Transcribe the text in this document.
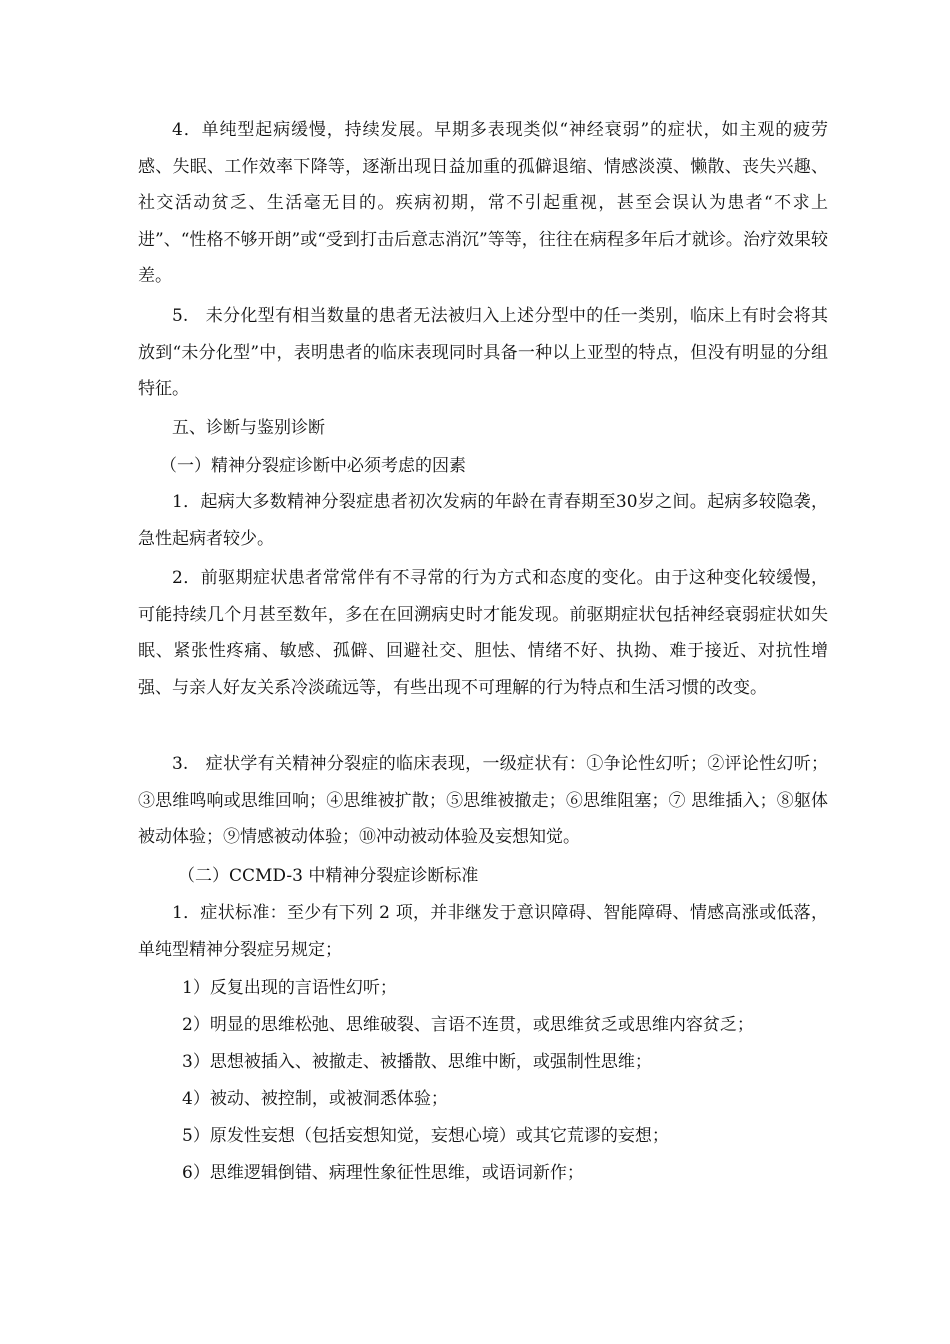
4．单纯型起病缓慢，持续发展。早期多表现类似“神经衰弱”的症状，如主观的疲劳感、失眠、工作效率下降等，逐渐出现日益加重的孤僻退缩、情感淡漠、懒散、丧失兴趣、社交活动贫乏、生活毫无目的。疾病初期，常不引起重视，甚至会误认为患者“不求上进”、“性格不够开朗”或“受到打击后意志消沉”等等，往往在病程多年后才就诊。治疗效果较差。

5.　未分化型有相当数量的患者无法被归入上述分型中的任一类别，临床上有时会将其放到“未分化型”中，表明患者的临床表现同时具备一种以上亚型的特点，但没有明显的分组特征。

五、诊断与鉴别诊断

（一）精神分裂症诊断中必须考虑的因素

1．起病大多数精神分裂症患者初次发病的年龄在青春期至30岁之间。起病多较隐袭，急性起病者较少。

2．前驱期症状患者常常伴有不寻常的行为方式和态度的变化。由于这种变化较缓慢，可能持续几个月甚至数年，多在在回溯病史时才能发现。前驱期症状包括神经衰弱症状如失眠、紧张性疼痛、敏感、孤僻、回避社交、胆怯、情绪不好、执拗、难于接近、对抗性增强、与亲人好友关系冷淡疏远等，有些出现不可理解的行为特点和生活习惯的改变。

3.　症状学有关精神分裂症的临床表现，一级症状有：①争论性幻听；②评论性幻听；③思维鸣响或思维回响；④思维被扩散；⑤思维被撤走；⑥思维阻塞；⑦ 思维插入；⑧躯体被动体验；⑨情感被动体验；⑩冲动被动体验及妄想知觉。

（二）CCMD-3 中精神分裂症诊断标准

1．症状标准：至少有下列 2 项，并非继发于意识障碍、智能障碍、情感高涨或低落，单纯型精神分裂症另规定；

1）反复出现的言语性幻听；

2）明显的思维松弛、思维破裂、言语不连贯，或思维贫乏或思维内容贫乏；

3）思想被插入、被撤走、被播散、思维中断，或强制性思维；

4）被动、被控制，或被洞悉体验；

5）原发性妄想（包括妄想知觉，妄想心境）或其它荒谬的妄想；

6）思维逻辑倒错、病理性象征性思维，或语词新作；
